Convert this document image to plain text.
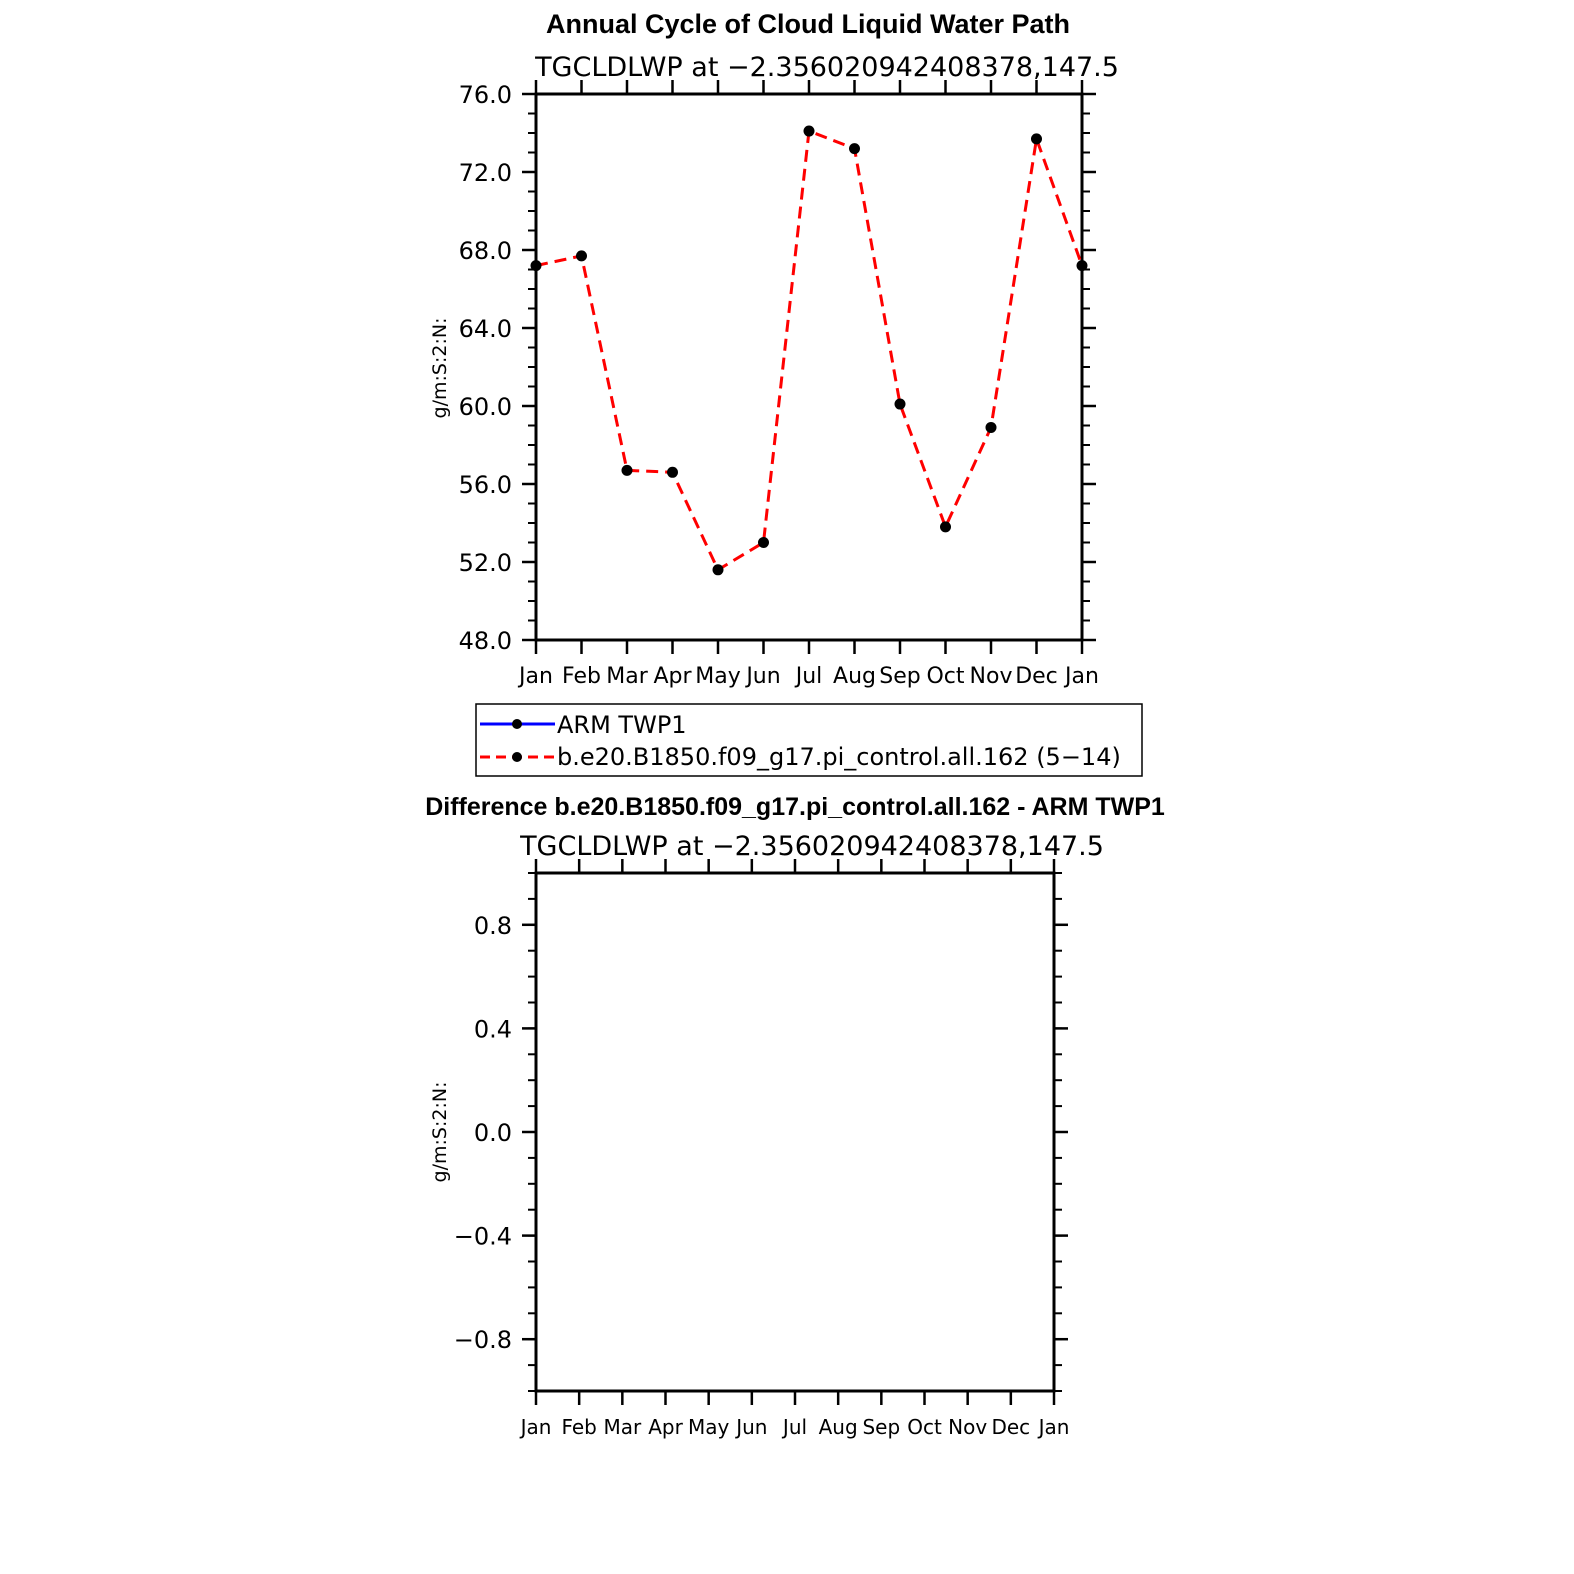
Annual Cycle of Cloud Liquid Water Path
TGCLDLWP at −2.356020942408378,147.5
g/m:S:2:N:
Jan Feb Mar Apr May Jun Jul Aug Sep Oct Nov Dec Jan
48.0
52.0
56.0
60.0
64.0
68.0
72.0
76.0
ARM TWP1
b.e20.B1850.f09_g17.pi_control.all.162 (5−14)
Difference b.e20.B1850.f09_g17.pi_control.all.162 - ARM TWP1
TGCLDLWP at −2.356020942408378,147.5
g/m:S:2:N:
Jan Feb Mar Apr May Jun Jul Aug Sep Oct Nov Dec Jan
−0.8
−0.4
0.0
0.4
0.8
